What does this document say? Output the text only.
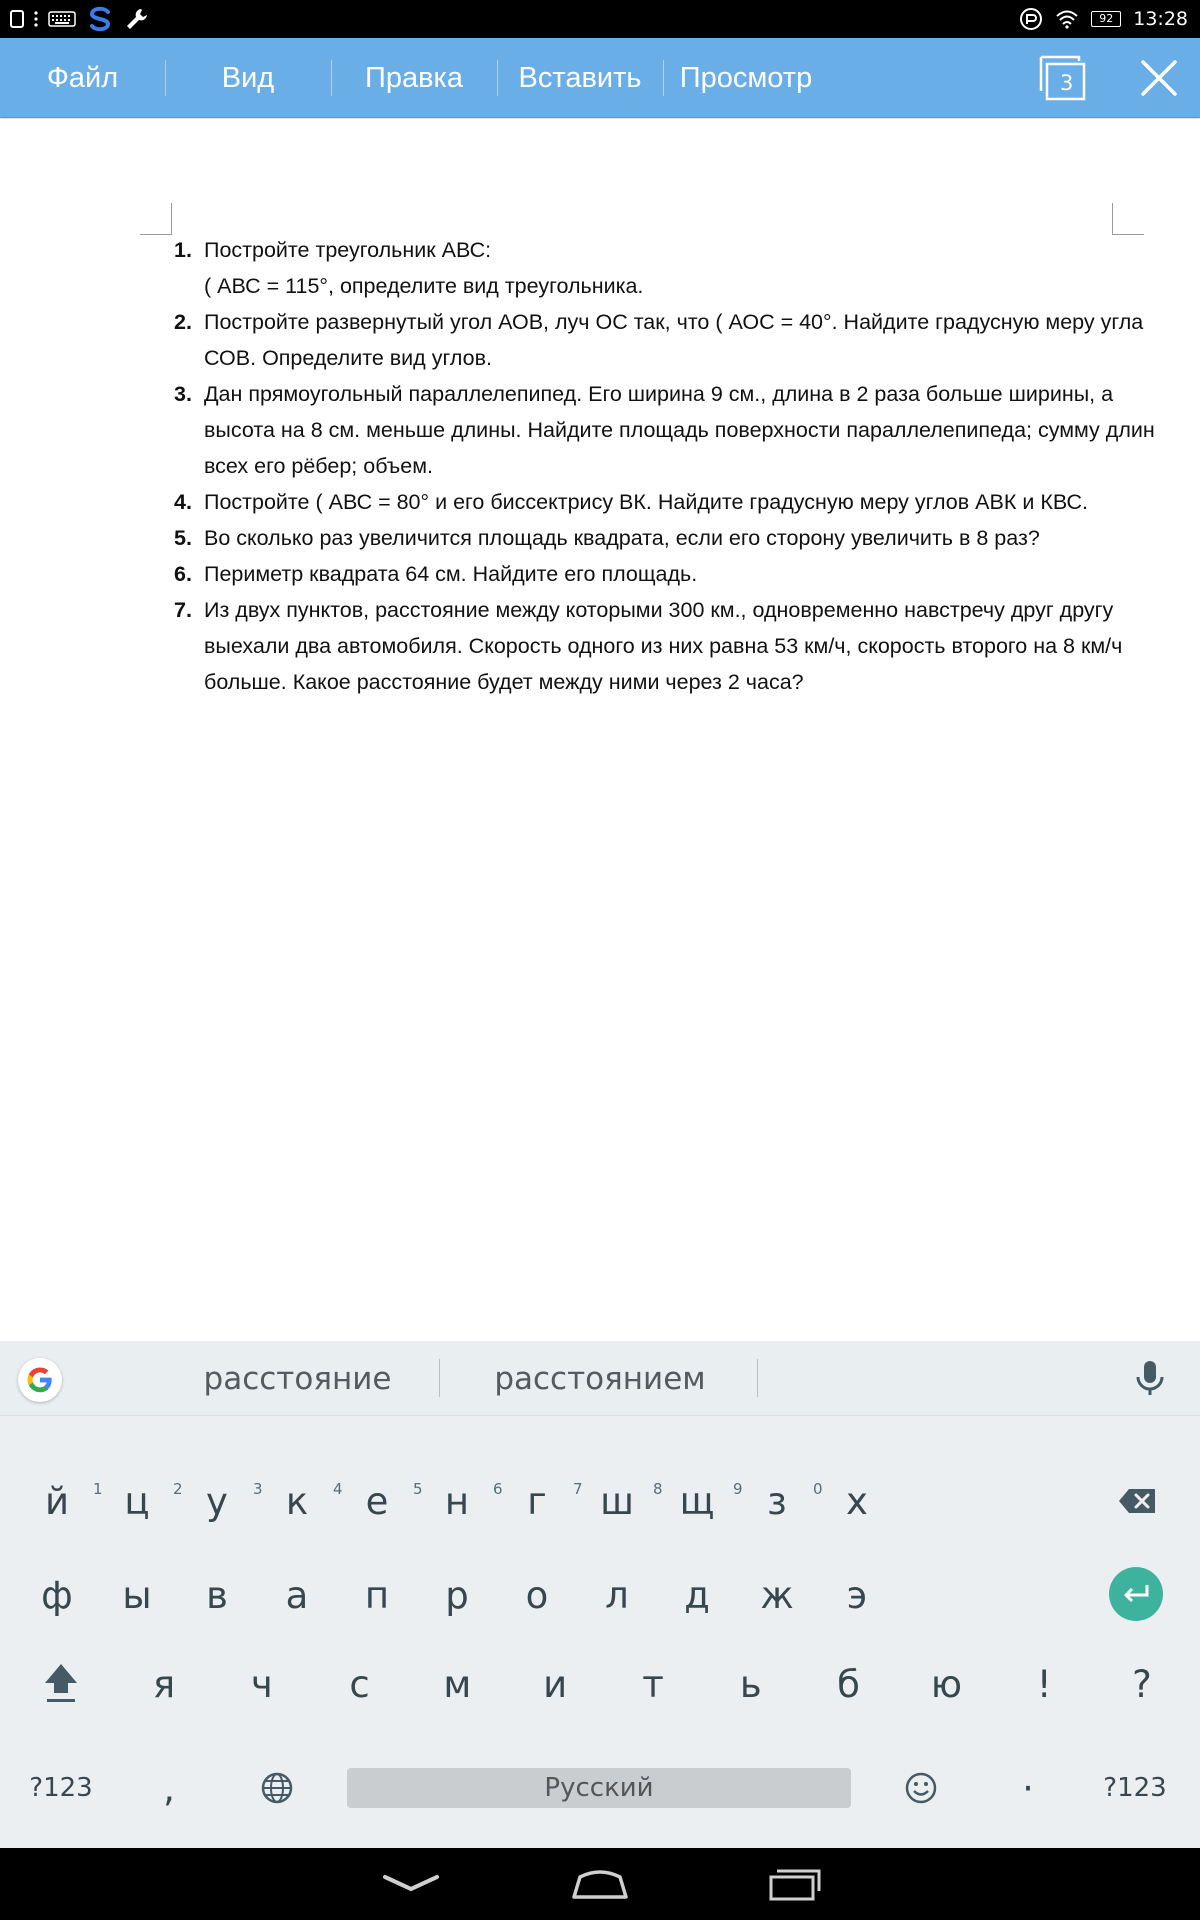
92	13:28
Файл	Вид	Правка	Вставить	Просмотр	3
1. Постройте треугольник АВС:
( АВС = 115°, определите вид треугольника.
2. Постройте развернутый угол АОВ, луч ОС так, что ( АОС = 40°. Найдите градусную меру угла
СОВ. Определите вид углов.
3. Дан прямоугольный параллелепипед. Его ширина 9 см., длина в 2 раза больше ширины, а
высота на 8 см. меньше длины. Найдите площадь поверхности параллелепипеда; сумму длин
всех его рёбер; объем.
4. Постройте ( АВС = 80° и его биссектрису ВК. Найдите градусную меру углов АВК и КВС.
5. Во сколько раз увеличится площадь квадрата, если его сторону увеличить в 8 раз?
6. Периметр квадрата 64 см. Найдите его площадь.
7. Из двух пунктов, расстояние между которыми 300 км., одновременно навстречу друг другу
выехали два автомобиля. Скорость одного из них равна 53 км/ч, скорость второго на 8 км/ч
больше. Какое расстояние будет между ними через 2 часа?
расстояние	расстоянием
й	1 ц	2 у	3 к	4 е	5 н	6 г	7 ш	8 щ	9 з	0 х
ф	ы	в	а	п	р	о	л	д	ж	э
я	ч	с	м	и	т	ь	б	ю	!	?
?123	,	Русский	·	?123
